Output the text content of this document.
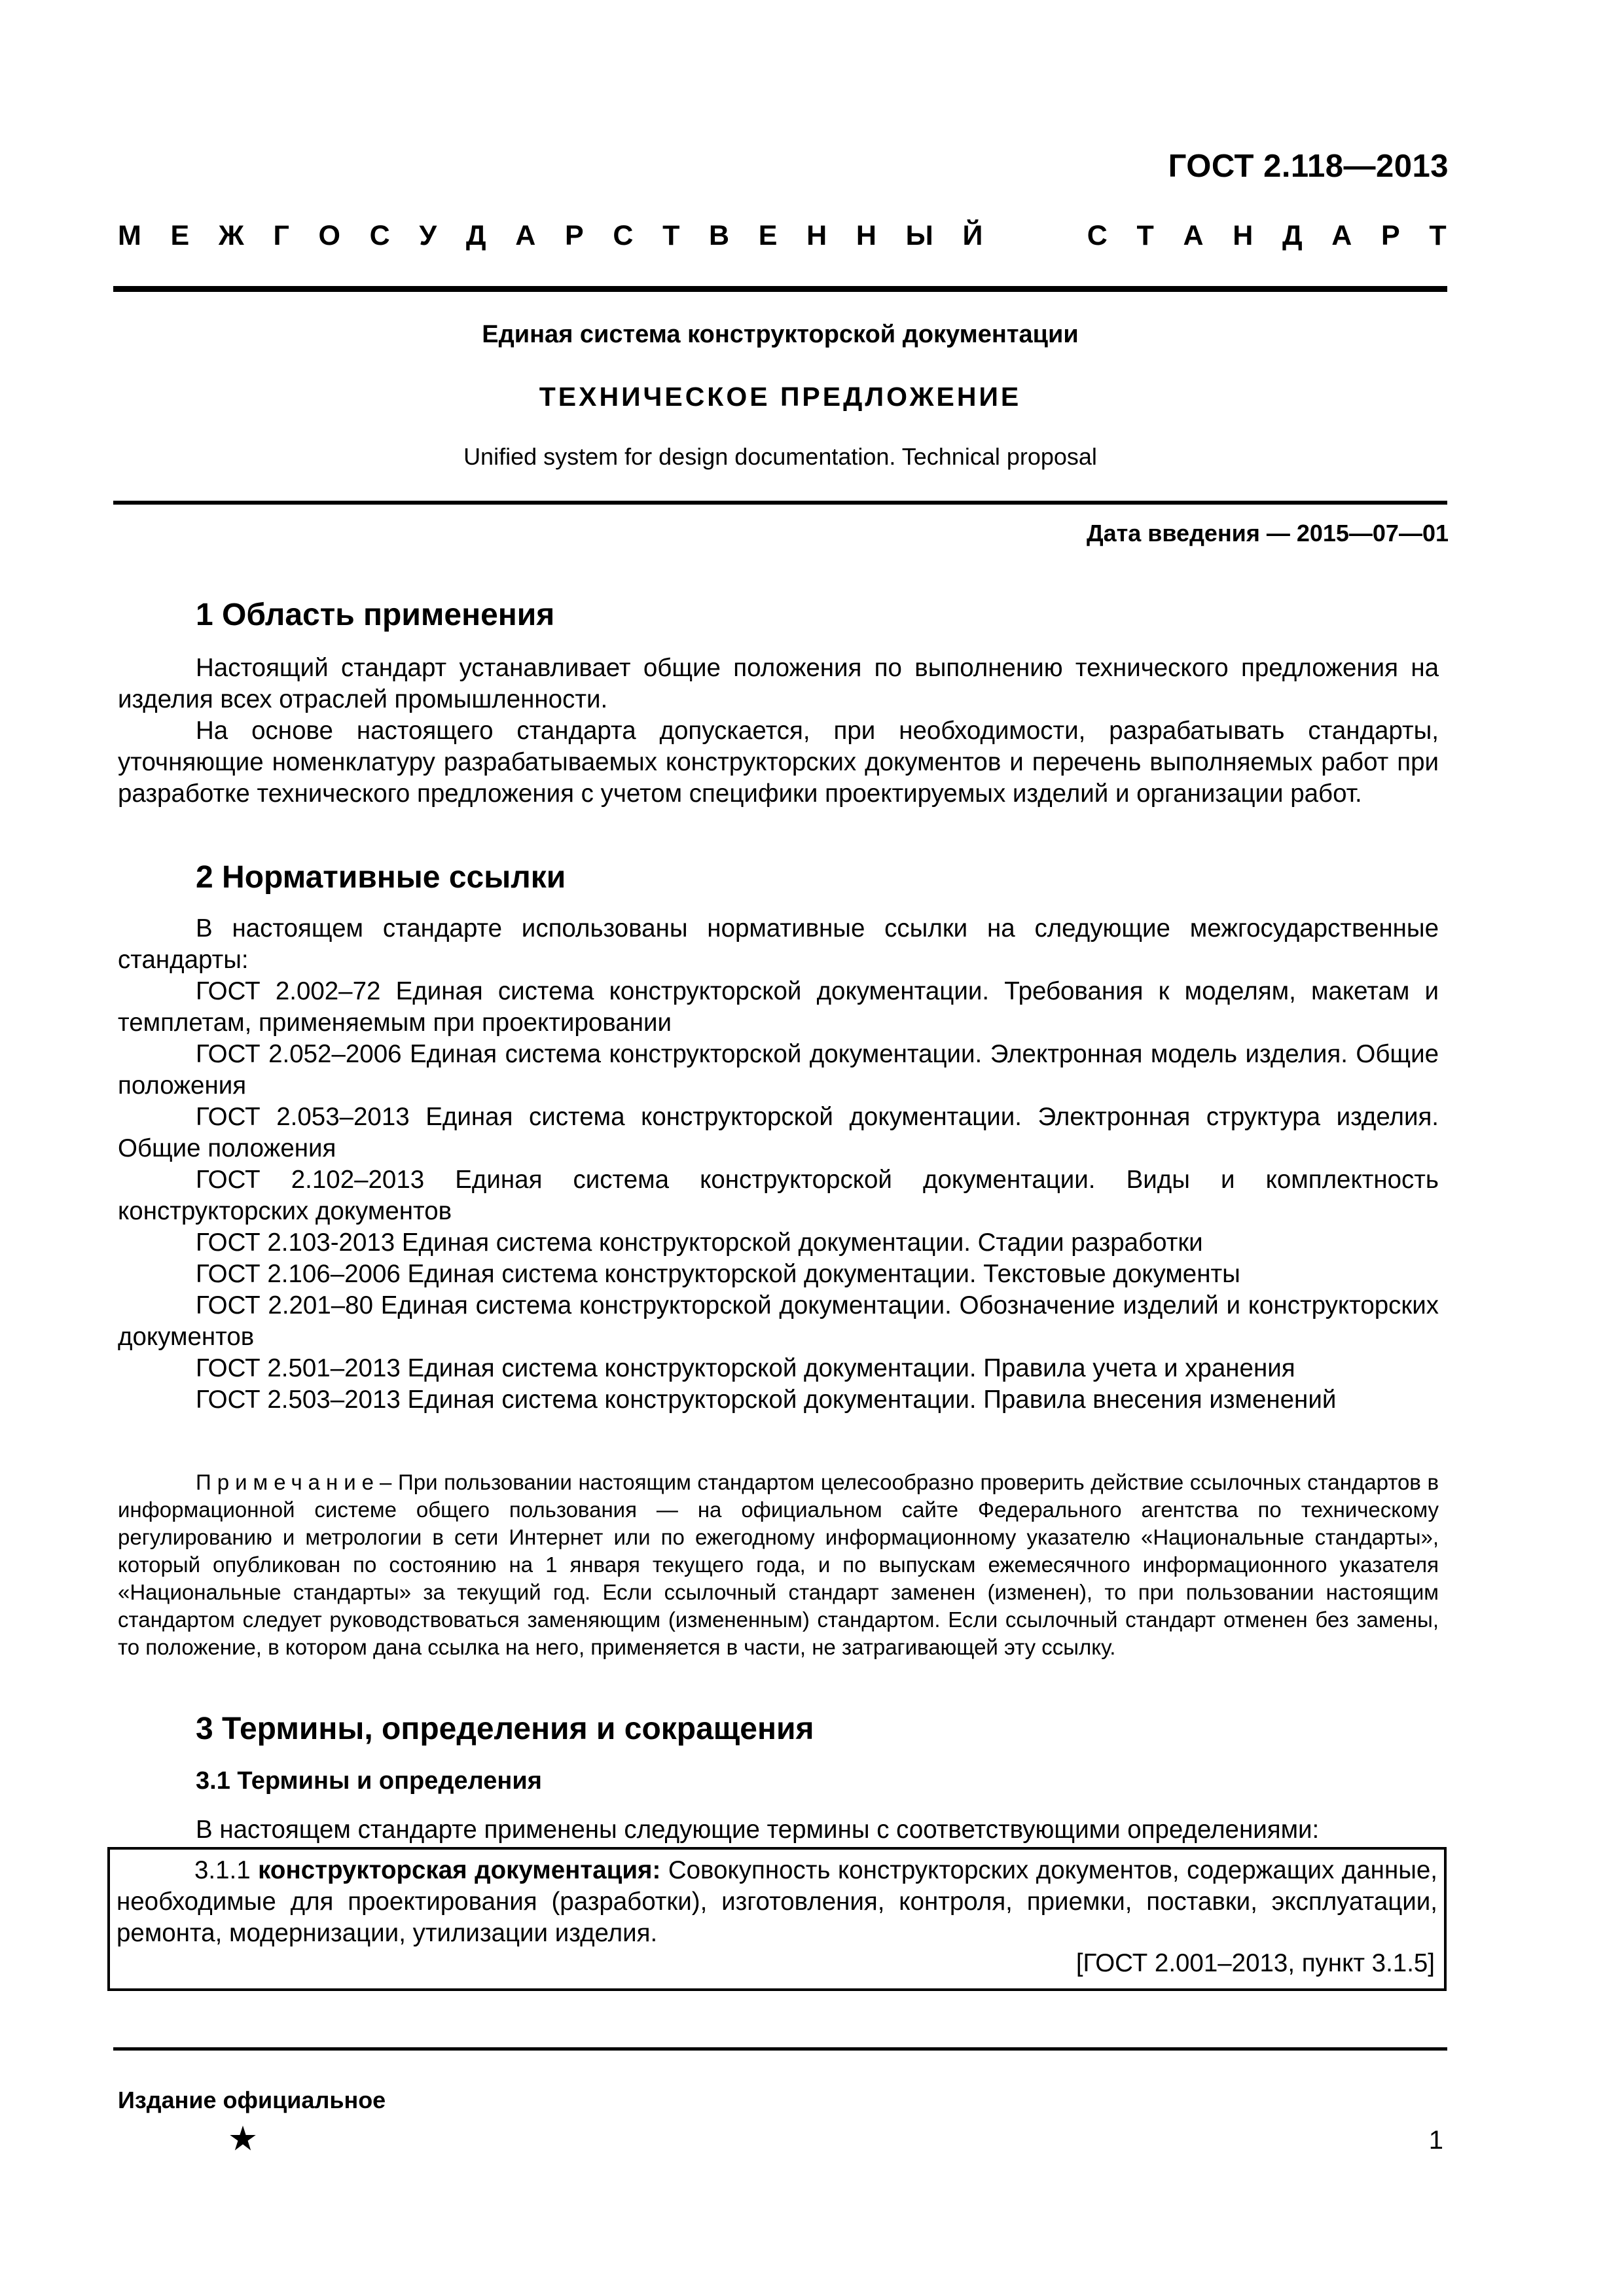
ГОСТ 2.118—2013
М Е Ж Г О С У Д А Р С Т В Е Н Н Ы Й	С Т А Н Д А Р Т
Единая система конструкторской документации
ТЕХНИЧЕСКОЕ ПРЕДЛОЖЕНИЕ
Unified system for design documentation. Technical proposal
Дата введения — 2015—07—01
1 Область применения

Настоящий стандарт устанавливает общие положения по выполнению технического предложения на изделия всех отраслей промышленности.

На основе настоящего стандарта допускается, при необходимости, разрабатывать стандарты, уточняющие номенклатуру разрабатываемых конструкторских документов и перечень выполняемых работ при разработке технического предложения с учетом специфики проектируемых изделий и организации работ.

2 Нормативные ссылки

В настоящем стандарте использованы нормативные ссылки на следующие межгосударственные стандарты:

ГОСТ 2.002–72 Единая система конструкторской документации. Требования к моделям, макетам и темплетам, применяемым при проектировании

ГОСТ 2.052–2006 Единая система конструкторской документации. Электронная модель изделия. Общие положения

ГОСТ 2.053–2013 Единая система конструкторской документации. Электронная структура изделия. Общие положения

ГОСТ 2.102–2013 Единая система конструкторской документации. Виды и комплектность конструкторских документов

ГОСТ 2.103-2013 Единая система конструкторской документации. Стадии разработки

ГОСТ 2.106–2006 Единая система конструкторской документации. Текстовые документы

ГОСТ 2.201–80 Единая система конструкторской документации. Обозначение изделий и конструкторских документов

ГОСТ 2.501–2013 Единая система конструкторской документации. Правила учета и хранения

ГОСТ 2.503–2013 Единая система конструкторской документации. Правила внесения изменений

Примечание– При пользовании настоящим стандартом целесообразно проверить действие ссылочных стандартов в информационной системе общего пользования — на официальном сайте Федерального агентства по техническому регулированию и метрологии в сети Интернет или по ежегодному информационному указателю «Национальные стандарты», который опубликован по состоянию на 1 января текущего года, и по выпускам ежемесячного информационного указателя «Национальные стандарты» за текущий год. Если ссылочный стандарт заменен (изменен), то при пользовании настоящим стандартом следует руководствоваться заменяющим (измененным) стандартом. Если ссылочный стандарт отменен без замены, то положение, в котором дана ссылка на него, применяется в части, не затрагивающей эту ссылку.
3 Термины, определения и сокращения
3.1 Термины и определения

В настоящем стандарте применены следующие термины с соответствующими определениями:

3.1.1 конструкторская документация: Совокупность конструкторских документов, содержащих данные, необходимые для проектирования (разработки), изготовления, контроля, приемки, поставки, эксплуатации, ремонта, модернизации, утилизации изделия.
[ГОСТ 2.001–2013, пункт 3.1.5]
Издание официальное
1
